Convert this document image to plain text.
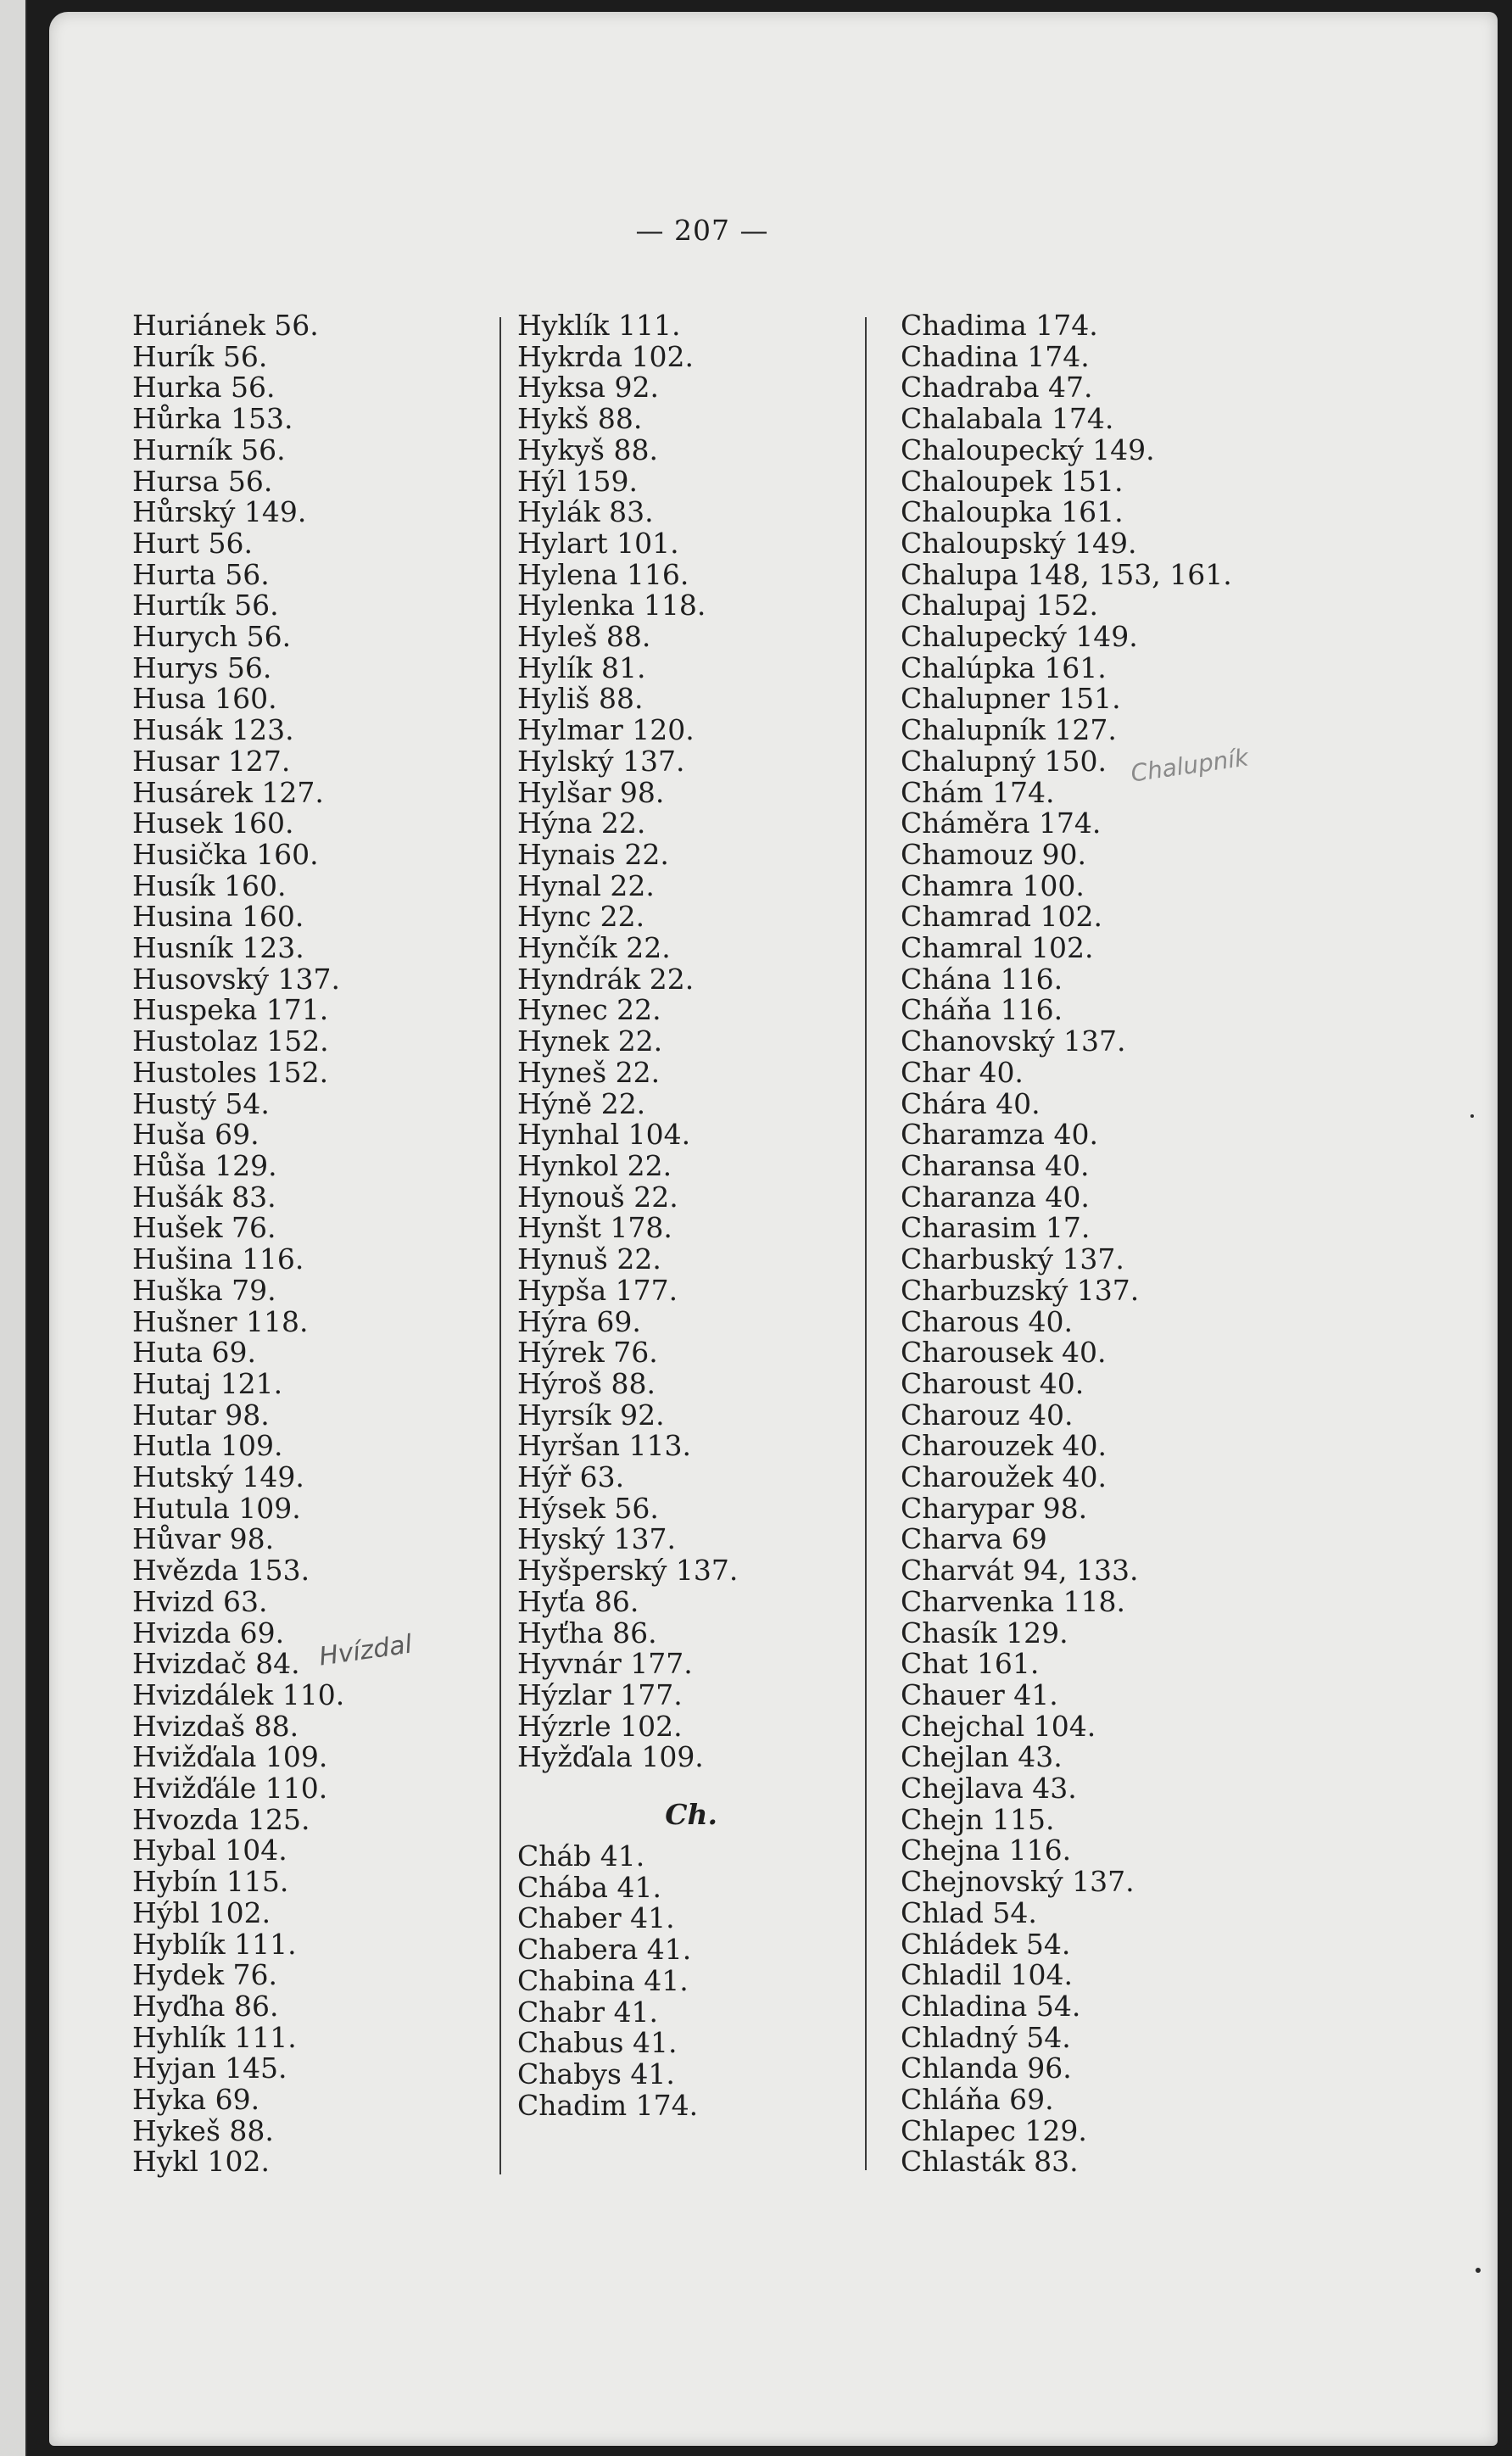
— 207 —
Huriánek 56.
Hurík 56.
Hurka 56.
Hůrka 153.
Hurník 56.
Hursa 56.
Hůrský 149.
Hurt 56.
Hurta 56.
Hurtík 56.
Hurych 56.
Hurys 56.
Husa 160.
Husák 123.
Husar 127.
Husárek 127.
Husek 160.
Husička 160.
Husík 160.
Husina 160.
Husník 123.
Husovský 137.
Huspeka 171.
Hustolaz 152.
Hustoles 152.
Hustý 54.
Huša 69.
Hůša 129.
Hušák 83.
Hušek 76.
Hušina 116.
Huška 79.
Hušner 118.
Huta 69.
Hutaj 121.
Hutar 98.
Hutla 109.
Hutský 149.
Hutula 109.
Hůvar 98.
Hvězda 153.
Hvizd 63.
Hvizda 69.
Hvizdač 84.
Hvizdálek 110.
Hvizdaš 88.
Hvižďala 109.
Hvižďále 110.
Hvozda 125.
Hybal 104.
Hybín 115.
Hýbl 102.
Hyblík 111.
Hydek 76.
Hyďha 86.
Hyhlík 111.
Hyjan 145.
Hyka 69.
Hykeš 88.
Hykl 102.
Hyklík 111.
Hykrda 102.
Hyksa 92.
Hykš 88.
Hykyš 88.
Hýl 159.
Hylák 83.
Hylart 101.
Hylena 116.
Hylenka 118.
Hyleš 88.
Hylík 81.
Hyliš 88.
Hylmar 120.
Hylský 137.
Hylšar 98.
Hýna 22.
Hynais 22.
Hynal 22.
Hync 22.
Hynčík 22.
Hyndrák 22.
Hynec 22.
Hynek 22.
Hyneš 22.
Hýně 22.
Hynhal 104.
Hynkol 22.
Hynouš 22.
Hynšt 178.
Hynuš 22.
Hypša 177.
Hýra 69.
Hýrek 76.
Hýroš 88.
Hyrsík 92.
Hyršan 113.
Hýř 63.
Hýsek 56.
Hyský 137.
Hyšperský 137.
Hyťa 86.
Hyťha 86.
Hyvnár 177.
Hýzlar 177.
Hýzrle 102.
Hyžďala 109.
Ch.
Cháb 41.
Chába 41.
Chaber 41.
Chabera 41.
Chabina 41.
Chabr 41.
Chabus 41.
Chabys 41.
Chadim 174.
Chadima 174.
Chadina 174.
Chadraba 47.
Chalabala 174.
Chaloupecký 149.
Chaloupek 151.
Chaloupka 161.
Chaloupský 149.
Chalupa 148, 153, 161.
Chalupaj 152.
Chalupecký 149.
Chalúpka 161.
Chalupner 151.
Chalupník 127.
Chalupný 150.
Chám 174.
Cháměra 174.
Chamouz 90.
Chamra 100.
Chamrad 102.
Chamral 102.
Chána 116.
Cháňa 116.
Chanovský 137.
Char 40.
Chára 40.
Charamza 40.
Charansa 40.
Charanza 40.
Charasim 17.
Charbuský 137.
Charbuzský 137.
Charous 40.
Charousek 40.
Charoust 40.
Charouz 40.
Charouzek 40.
Charoužek 40.
Charypar 98.
Charva 69
Charvát 94, 133.
Charvenka 118.
Chasík 129.
Chat 161.
Chauer 41.
Chejchal 104.
Chejlan 43.
Chejlava 43.
Chejn 115.
Chejna 116.
Chejnovský 137.
Chlad 54.
Chládek 54.
Chladil 104.
Chladina 54.
Chladný 54.
Chlanda 96.
Chláňa 69.
Chlapec 129.
Chlasták 83.
Hvízdal
Chalupník
